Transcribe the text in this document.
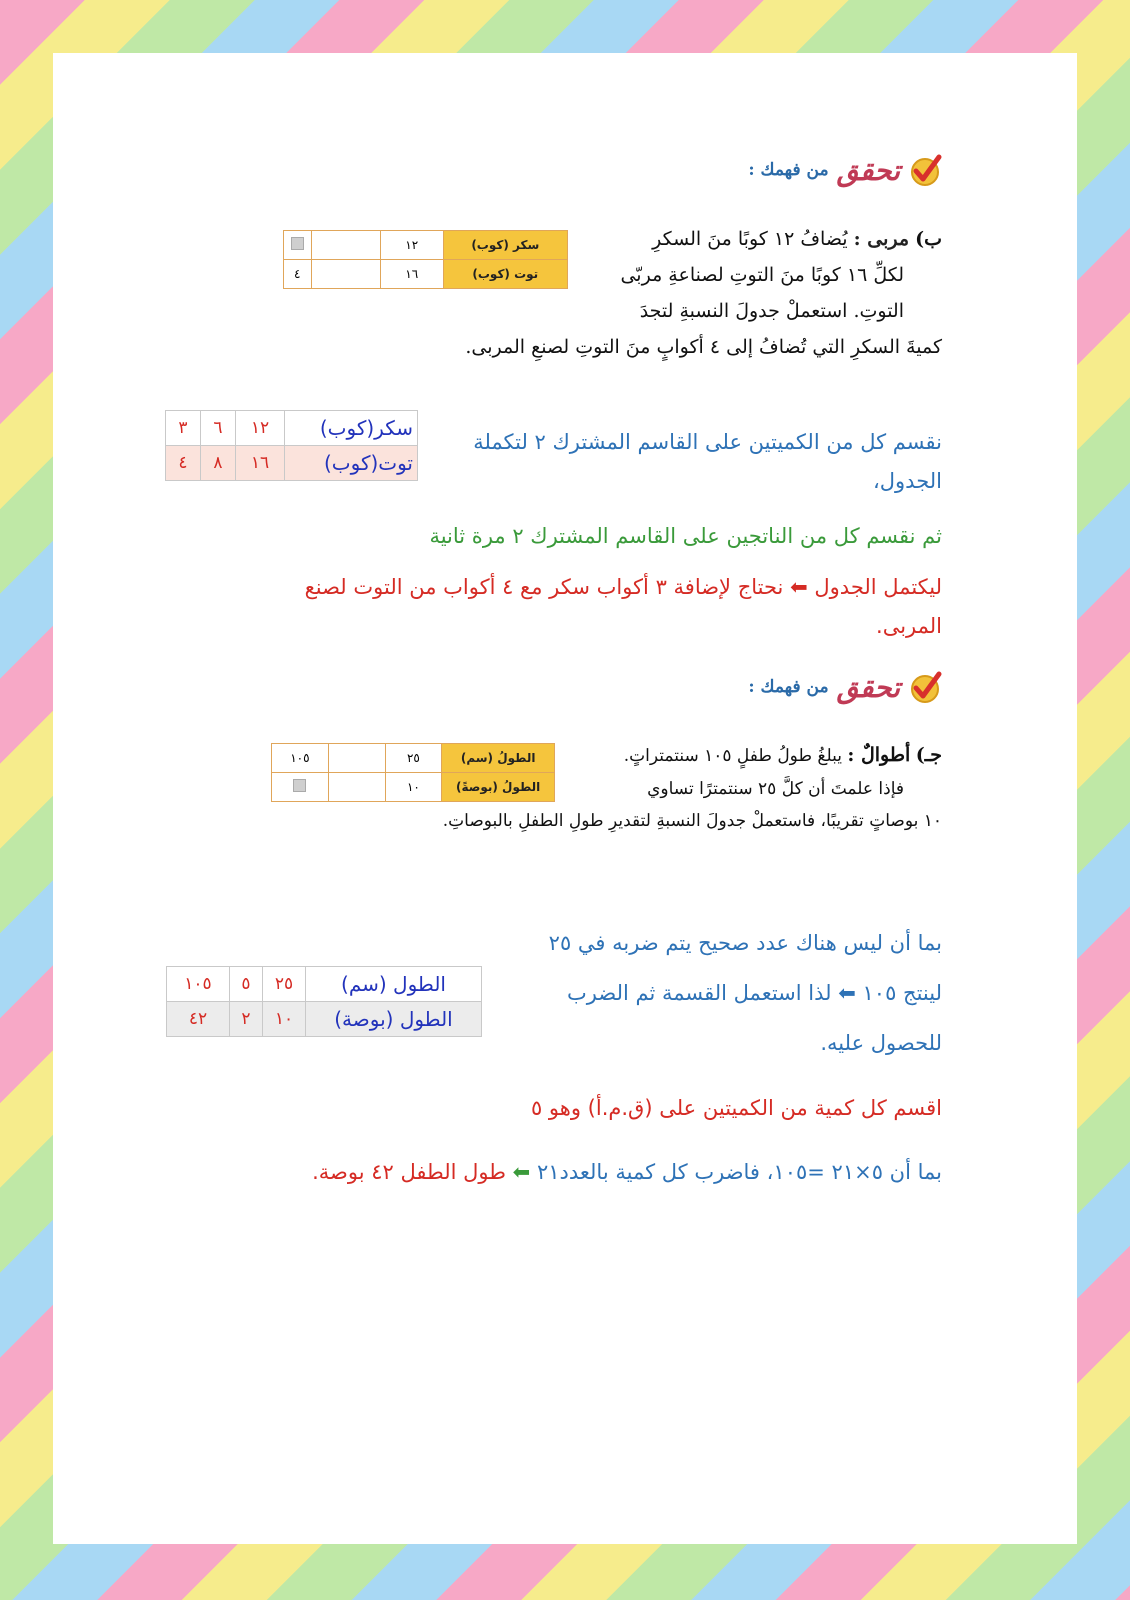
تحقق
من فهمك :
ب) مربى : يُضافُ ١٢ كوبًا منَ السكرِ
لكلِّ ١٦ كوبًا منَ التوتِ لصناعةِ مربّى
التوتِ. استعملْ جدولَ النسبةِ لتجدَ
كميةَ السكرِ التي تُضافُ إلى ٤ أكوابٍ منَ التوتِ لصنعِ المربى.
		١٢	سكر (كوب)
٤		١٦	توت (كوب)
٣	٦	١٢	سكر(كوب)
٤	٨	١٦	توت(كوب)
نقسم كل من الكميتين على القاسم المشترك ٢ لتكملة
الجدول،
ثم نقسم كل من الناتجين على القاسم المشترك ٢ مرة ثانية
ليكتمل الجدول ⬅ نحتاج لإضافة ٣ أكواب سكر مع ٤ أكواب من التوت لصنع
المربى.
تحقق
من فهمك :
جـ) أطوالٌ : يبلغُ طولُ طفلٍ ١٠٥ سنتمتراتٍ.
فإذا علمتَ أن كلَّ ٢٥ سنتمترًا تساوي
١٠ بوصاتٍ تقريبًا، فاستعملْ جدولَ النسبةِ لتقديرِ طولِ الطفلِ بالبوصاتِ.
١٠٥		٢٥	الطولُ (سم)
		١٠	الطولُ (بوصةً)
بما أن ليس هناك عدد صحيح يتم ضربه في ٢٥
لينتج ١٠٥ ⬅ لذا استعمل القسمة ثم الضرب
للحصول عليه.
١٠٥	٥	٢٥	الطول (سم)
٤٢	٢	١٠	الطول (بوصة)
اقسم كل كمية من الكميتين على (ق.م.أ) وهو ٥
بما أن ٥×٢١ =١٠٥، فاضرب كل كمية بالعدد٢١ ⬅ طول الطفل ٤٢ بوصة.
